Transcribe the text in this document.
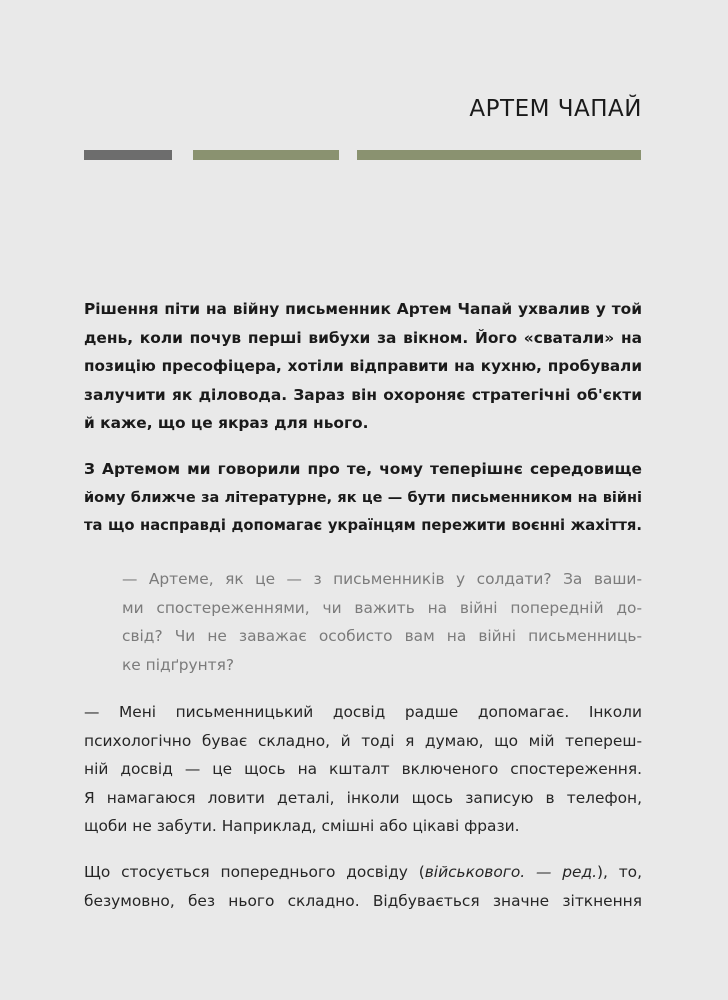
АРТЕМ ЧАПАЙ
Рішення піти на війну письменник Артем Чапай ухвалив у той
день, коли почув перші вибухи за вікном. Його «сватали» на
позицію пресофіцера, хотіли відправити на кухню, пробували
залучити як діловода. Зараз він охороняє стратегічні об'єкти
й каже, що це якраз для нього.
З Артемом ми говорили про те, чому теперішнє середовище
йому ближче за літературне, як це — бути письменником на війні
та що насправді допомагає українцям пережити воєнні жахіття.
— Артеме, як це — з письменників у солдати? За ваши-
ми спостереженнями, чи важить на війні попередній до-
свід? Чи не заважає особисто вам на війні письменниць-
ке підґрунтя?
— Мені письменницький досвід радше допомагає. Інколи
психологічно буває складно, й тоді я думаю, що мій тепереш-
ній досвід — це щось на кшталт включеного спостереження.
Я намагаюся ловити деталі, інколи щось записую в телефон,
щоби не забути. Наприклад, смішні або цікаві фрази.
Що стосується попереднього досвіду (військового. — ред.), то,
безумовно, без нього складно. Відбувається значне зіткнення
